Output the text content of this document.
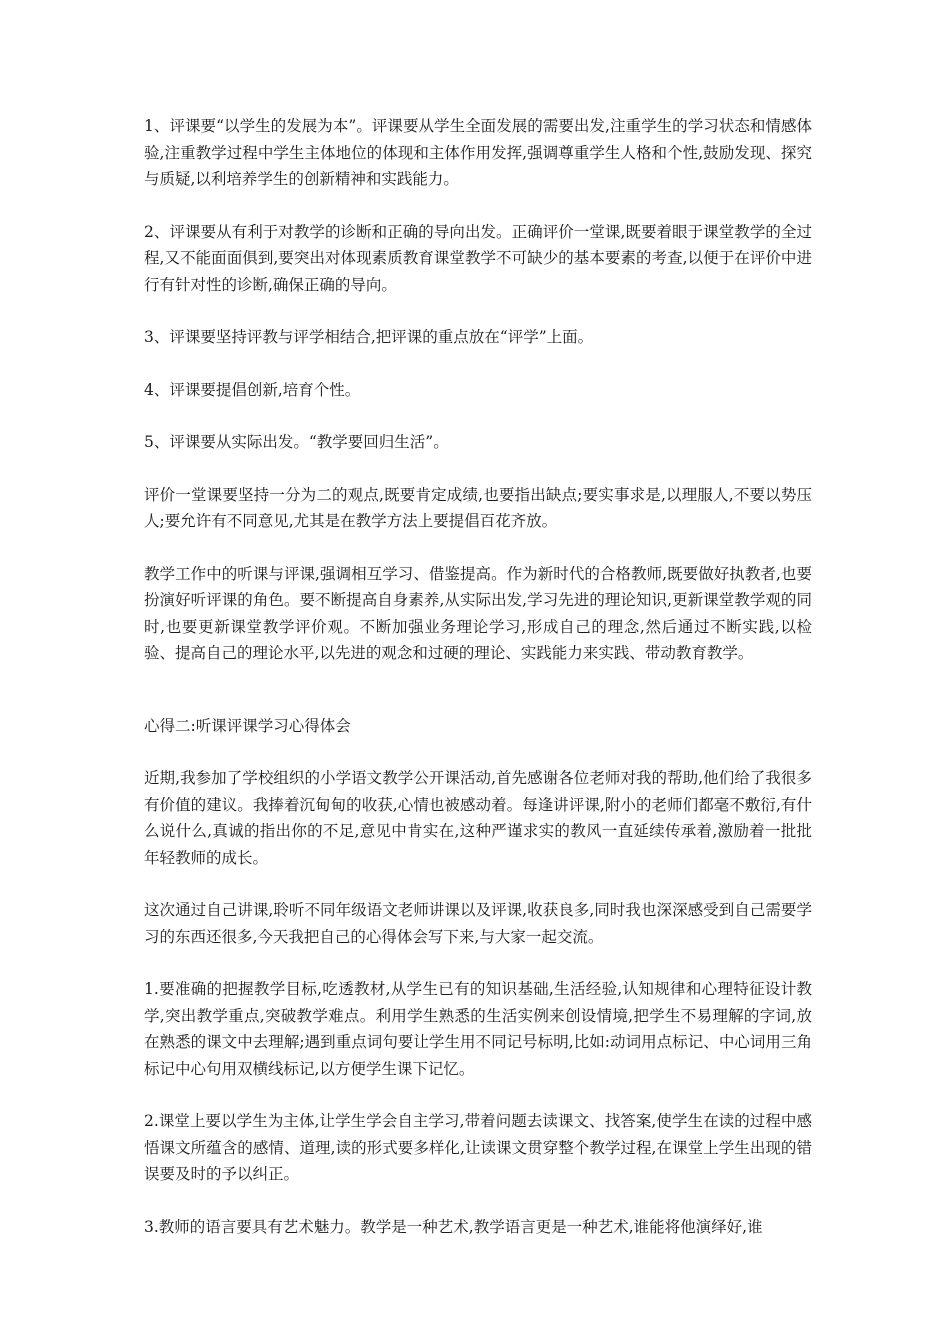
1、评课要“以学生的发展为本”。评课要从学生全面发展的需要出发,注重学生的学习状态和情感体验,注重教学过程中学生主体地位的体现和主体作用发挥,强调尊重学生人格和个性,鼓励发现、探究与质疑,以利培养学生的创新精神和实践能力。

2、评课要从有利于对教学的诊断和正确的导向出发。正确评价一堂课,既要着眼于课堂教学的全过程,又不能面面俱到,要突出对体现素质教育课堂教学不可缺少的基本要素的考查,以便于在评价中进行有针对性的诊断,确保正确的导向。

3、评课要坚持评教与评学相结合,把评课的重点放在“评学”上面。

4、评课要提倡创新,培育个性。

5、评课要从实际出发。“教学要回归生活”。

评价一堂课要坚持一分为二的观点,既要肯定成绩,也要指出缺点;要实事求是,以理服人,不要以势压人;要允许有不同意见,尤其是在教学方法上要提倡百花齐放。

教学工作中的听课与评课,强调相互学习、借鉴提高。作为新时代的合格教师,既要做好执教者,也要扮演好听评课的角色。要不断提高自身素养,从实际出发,学习先进的理论知识,更新课堂教学观的同时,也要更新课堂教学评价观。不断加强业务理论学习,形成自己的理念,然后通过不断实践,以检验、提高自己的理论水平,以先进的观念和过硬的理论、实践能力来实践、带动教育教学。

心得二:听课评课学习心得体会

近期,我参加了学校组织的小学语文教学公开课活动,首先感谢各位老师对我的帮助,他们给了我很多有价值的建议。我捧着沉甸甸的收获,心情也被感动着。每逢讲评课,附小的老师们都毫不敷衍,有什么说什么,真诚的指出你的不足,意见中肯实在,这种严谨求实的教风一直延续传承着,激励着一批批年轻教师的成长。

这次通过自己讲课,聆听不同年级语文老师讲课以及评课,收获良多,同时我也深深感受到自己需要学习的东西还很多,今天我把自己的心得体会写下来,与大家一起交流。

1.要准确的把握教学目标,吃透教材,从学生已有的知识基础,生活经验,认知规律和心理特征设计教学,突出教学重点,突破教学难点。利用学生熟悉的生活实例来创设情境,把学生不易理解的字词,放在熟悉的课文中去理解;遇到重点词句要让学生用不同记号标明,比如:动词用点标记、中心词用三角标记中心句用双横线标记,以方便学生课下记忆。

2.课堂上要以学生为主体,让学生学会自主学习,带着问题去读课文、找答案,使学生在读的过程中感悟课文所蕴含的感情、道理,读的形式要多样化,让读课文贯穿整个教学过程,在课堂上学生出现的错误要及时的予以纠正。

3.教师的语言要具有艺术魅力。教学是一种艺术,教学语言更是一种艺术,谁能将他演绎好,谁
